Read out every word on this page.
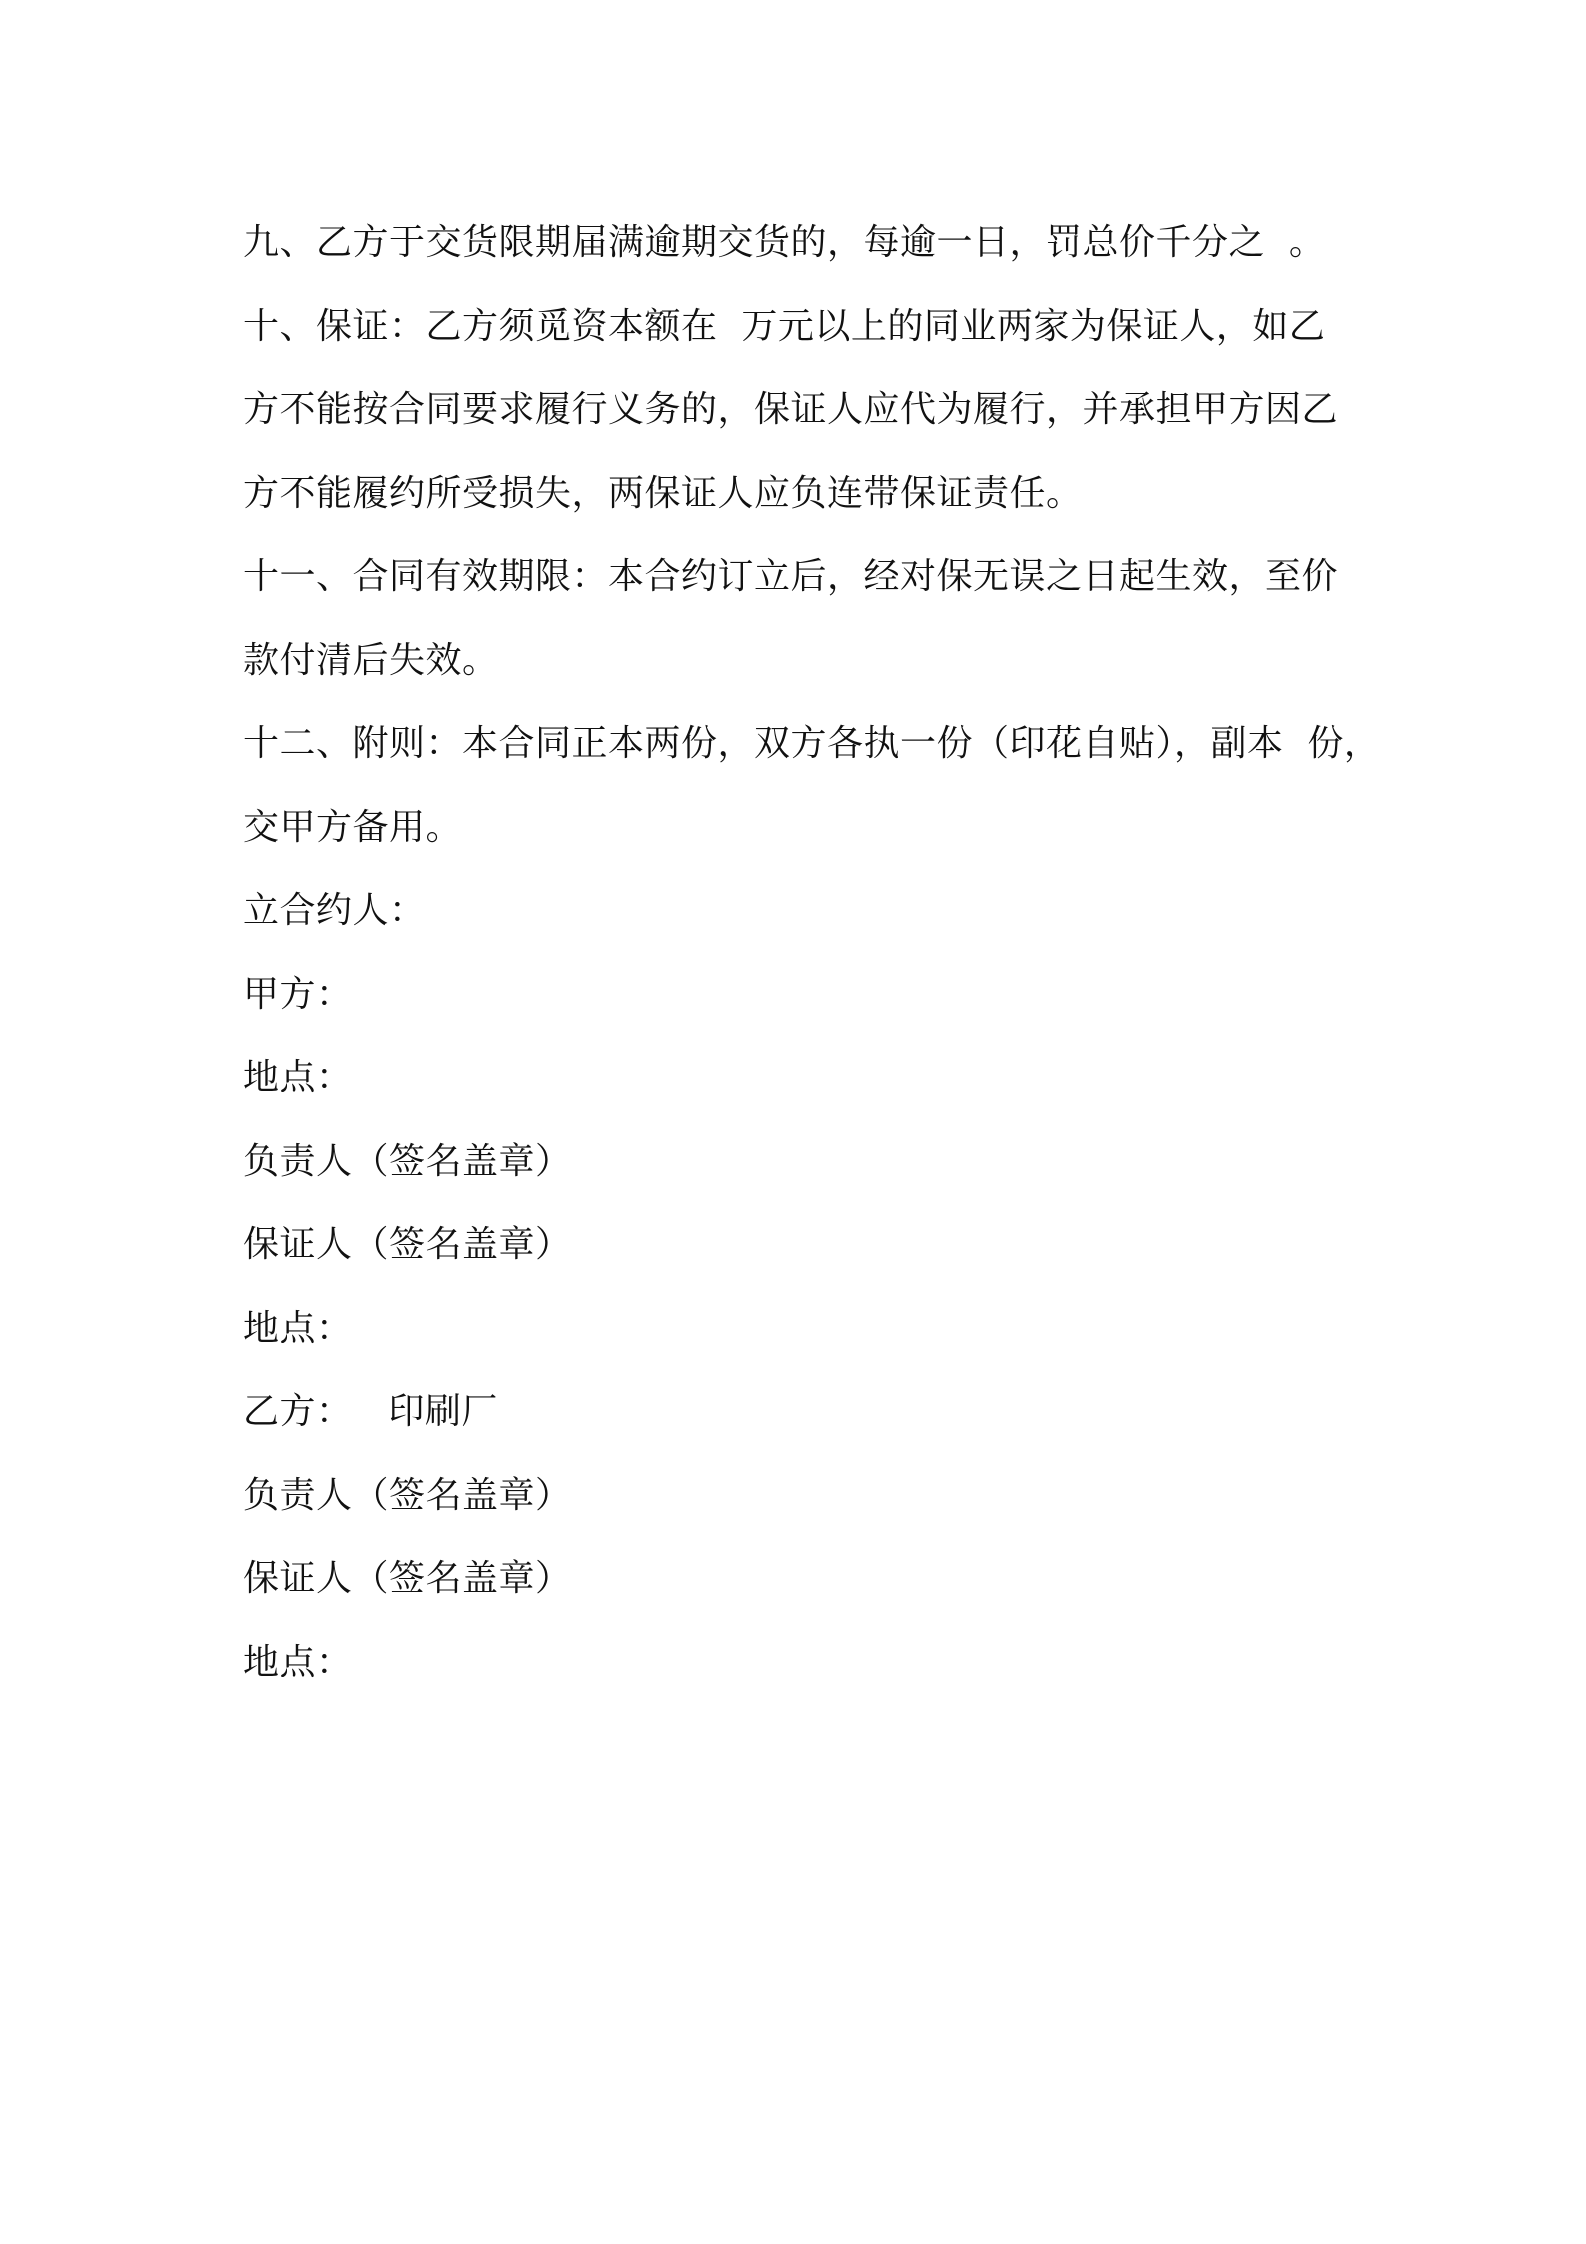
九、乙方于交货限期届满逾期交货的，每逾一日，罚总价千分之  。
十、保证：乙方须觅资本额在  万元以上的同业两家为保证人，如乙
方不能按合同要求履行义务的，保证人应代为履行，并承担甲方因乙
方不能履约所受损失，两保证人应负连带保证责任。
十一、合同有效期限：本合约订立后，经对保无误之日起生效，至价
款付清后失效。
十二、附则：本合同正本两份，双方各执一份（印花自贴），副本  份，
交甲方备用。
立合约人：
甲方：
地点：
负责人（签名盖章）
保证人（签名盖章）
地点：
乙方：   印刷厂
负责人（签名盖章）
保证人（签名盖章）
地点：
